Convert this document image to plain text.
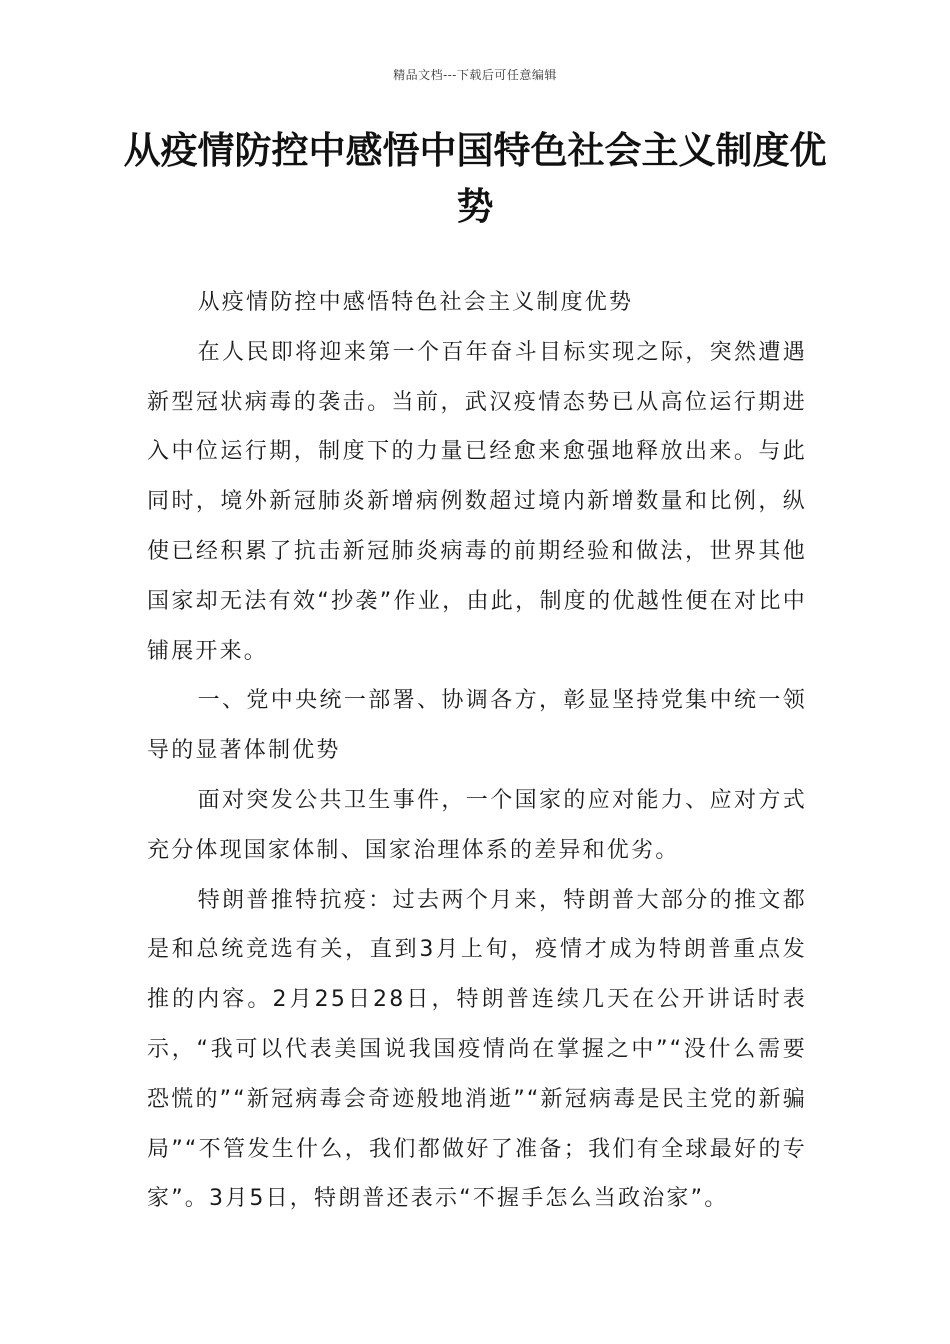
精品文档---下载后可任意编辑
从疫情防控中感悟中国特色社会主义制度优势

从疫情防控中感悟特色社会主义制度优势

在人民即将迎来第一个百年奋斗目标实现之际，突然遭遇新型冠状病毒的袭击。当前，武汉疫情态势已从高位运行期进入中位运行期，制度下的力量已经愈来愈强地释放出来。与此同时，境外新冠肺炎新增病例数超过境内新增数量和比例，纵使已经积累了抗击新冠肺炎病毒的前期经验和做法，世界其他国家却无法有效“抄袭”作业，由此，制度的优越性便在对比中铺展开来。

一、党中央统一部署、协调各方，彰显坚持党集中统一领导的显著体制优势

面对突发公共卫生事件，一个国家的应对能力、应对方式充分体现国家体制、国家治理体系的差异和优劣。

特朗普推特抗疫：过去两个月来，特朗普大部分的推文都是和总统竞选有关，直到3月上旬，疫情才成为特朗普重点发推的内容。2月25日28日，特朗普连续几天在公开讲话时表示，“我可以代表美国说我国疫情尚在掌握之中”“没什么需要恐慌的”“新冠病毒会奇迹般地消逝”“新冠病毒是民主党的新骗局”“不管发生什么，我们都做好了准备；我们有全球最好的专家”。3月5日，特朗普还表示“不握手怎么当政治家”。
